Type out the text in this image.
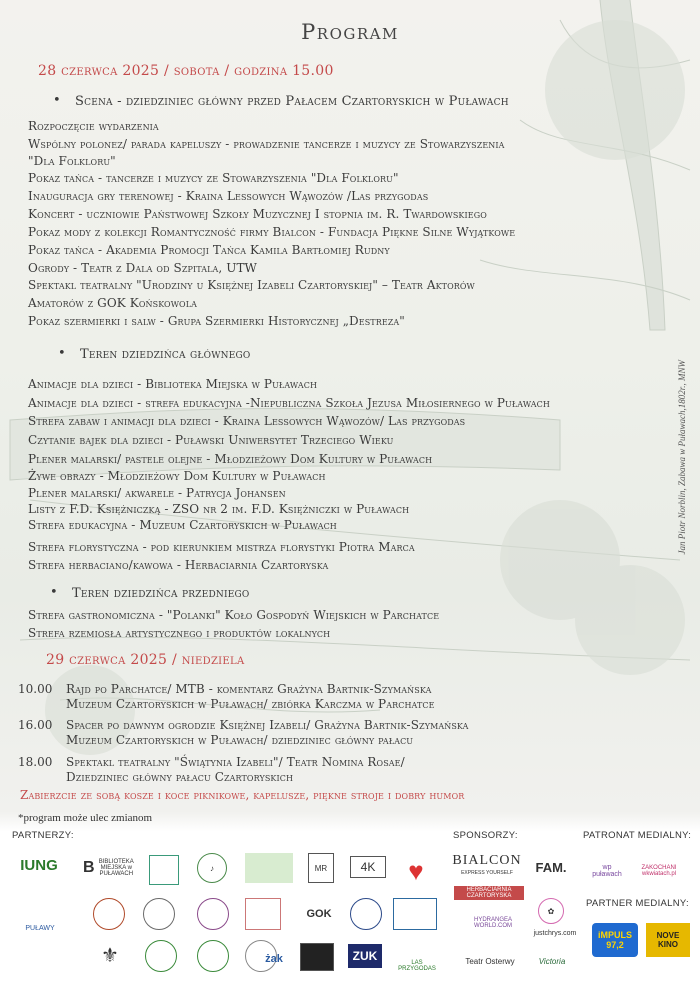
Program
28 czerwca 2025 / sobota / godzina 15.00
• Scena - dziedziniec główny przed Pałacem Czartoryskich w Puławach
Rozpoczęcie wydarzenia
Wspólny polonez/ parada kapeluszy - prowadzenie tancerze i muzycy ze Stowarzyszenia
"Dla Folkloru"
Pokaz tańca - tancerze i muzycy ze Stowarzyszenia "Dla Folkloru"
Inauguracja gry terenowej - Kraina Lessowych Wąwozów /Las przygodas
Koncert - uczniowie Państwowej Szkoły Muzycznej I stopnia im. R. Twardowskiego
Pokaz mody z kolekcji Romantyczność firmy Bialcon - Fundacja Piękne Silne Wyjątkowe
Pokaz tańca - Akademia Promocji Tańca Kamila Bartłomiej Rudny
Ogrody - Teatr z Dala od Szpitala, UTW
Spektakl teatralny "Urodziny u Księżnej Izabeli Czartoryskiej" – Teatr Aktorów
Amatorów z GOK Końskowola
Pokaz szermierki i salw - Grupa Szermierki Historycznej „Destreza"
• Teren dziedzińca głównego
Animacje dla dzieci - Biblioteka Miejska w Puławach
Animacje dla dzieci - strefa edukacyjna -Niepubliczna Szkoła Jezusa Miłosiernego w Puławach
Strefa zabaw i animacji dla dzieci - Kraina Lessowych Wąwozów/ Las przygodas
Czytanie bajek dla dzieci - Puławski Uniwersytet Trzeciego Wieku
Plener malarski/ pastele olejne - Młodzieżowy Dom Kultury w Puławach
Żywe obrazy - Młodzieżowy Dom Kultury w Puławach
Plener malarski/ akwarele - Patrycja Johansen
Listy z F.D. Księżniczką - ZSO nr 2 im. F.D. Księżniczki w Puławach
Strefa edukacyjna - Muzeum Czartoryskich w Puławach
Strefa florystyczna - pod kierunkiem mistrza florystyki Piotra Marca
Strefa herbaciano/kawowa - Herbaciarnia Czartoryska
• Teren dziedzińca przedniego
Strefa gastronomiczna - "Polanki" Koło Gospodyń Wiejskich w Parchatce
Strefa rzemiosła artystycznego i produktów lokalnych
29 czerwca 2025 / niedziela
10.00 Rajd po Parchatce/ MTB - komentarz Grażyna Bartnik-Szymańska
Muzeum Czartoryskich w Puławach/ zbiórka Karczma w Parchatce
16.00 Spacer po dawnym ogrodzie Księżnej Izabeli/ Grażyna Bartnik-Szymańska
Muzeum Czartoryskich w Puławach/ dziedziniec główny pałacu
18.00 Spektakl teatralny "Świątynia Izabeli"/ Teatr Nomina Rosae/
Dziedziniec główny pałacu Czartoryskich
Zabierzcie ze sobą kosze i koce piknikowe, kapelusze, piękne stroje i dobry humor
*program może ulec zmianom
Jan Piotr Norblin, Zabawa w Puławach,1802r., MNW
PARTNERZY:	SPONSORZY:	PATRONAT MEDIALNY:
PARTNER MEDIALNY:
IUNG	B BIBLIOTEKA MIEJSKA w PUŁAWACH
♪	MR	4K	♥
PUŁAWY
GOK
⚜	żak	ZUK	LAS PRZYGODAS
BIALCON
EXPRESS YOURSELF
HERBACIARNIA CZARTORYSKA
FAM.
✿
HYDRANGEA WORLD.COM
justchrys.com
Teatr Osterwy	Victoria
wp puławach
ZAKOCHANI wkwiatach.pl
iMPULS 97,2
NOVE KINO
